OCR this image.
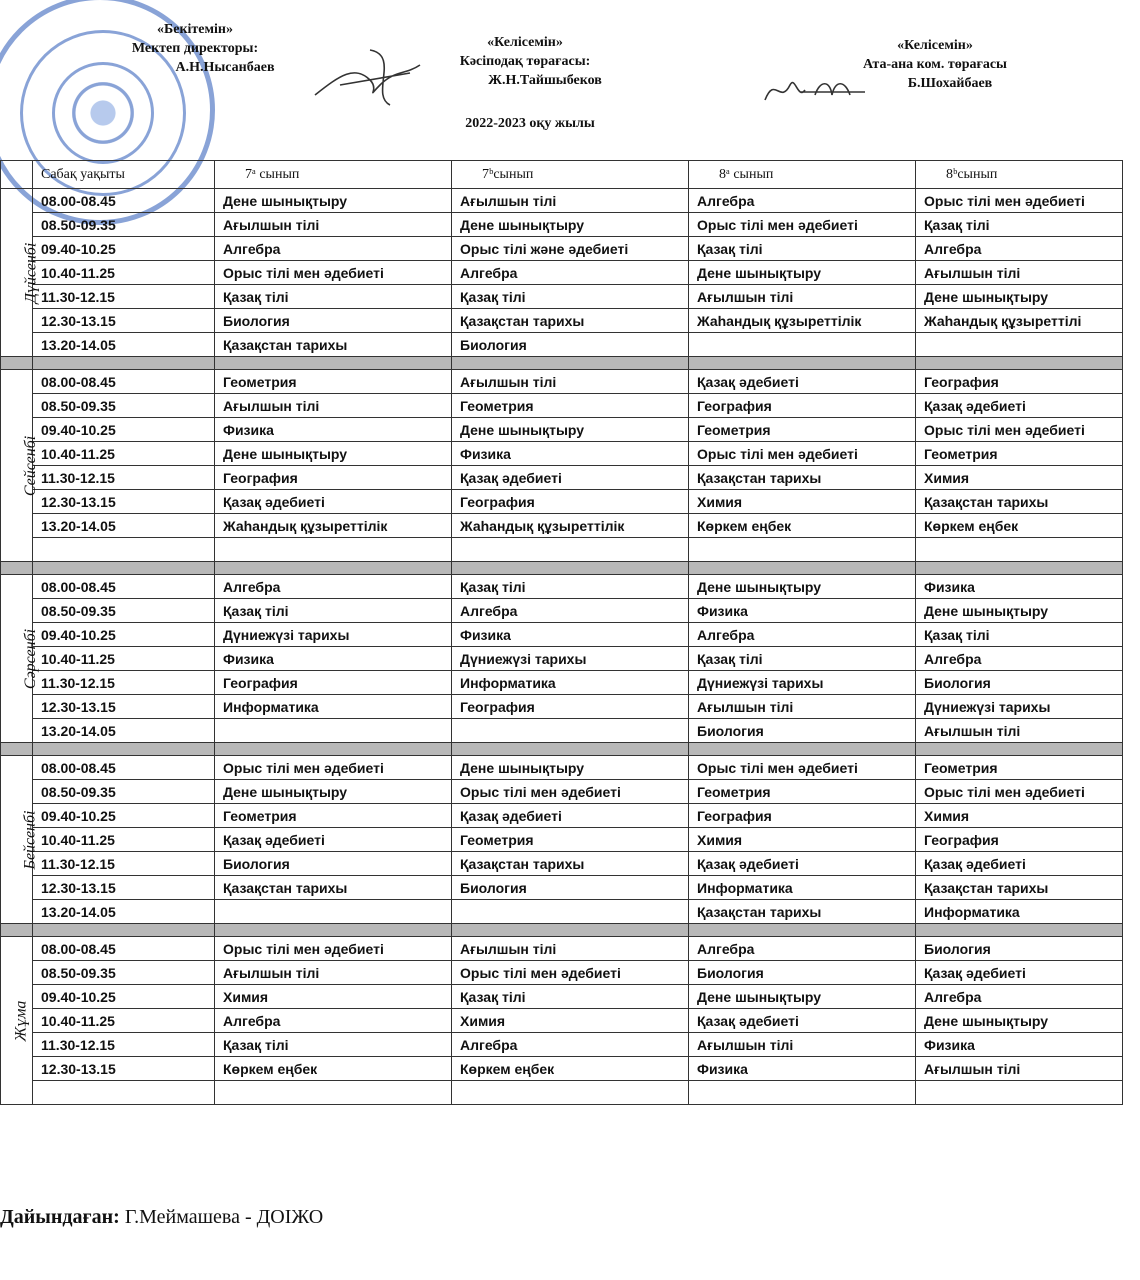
«Бекітемін»
Мектеп директоры:
А.Н.Нысанбаев
«Келісемін»
Кәсіподақ төрағасы:
Ж.Н.Тайшыбеков
«Келісемін»
Ата-ана ком. төрағасы
Б.Шохайбаев
2022-2023 оқу жылы
	Сабақ уақыты	7ᵃ сынып	7ᵇсынып	8ᵃ сынып	8ᵇсынып
Дүйсенбі	08.00-08.45	Дене шынықтыру	Ағылшын тілі	Алгебра	Орыс тілі мен әдебиеті
	08.50-09.35	Ағылшын тілі	Дене шынықтыру	Орыс тілі мен әдебиеті	Қазақ тілі
	09.40-10.25	Алгебра	Орыс тілі және әдебиеті	Қазақ тілі	Алгебра
	10.40-11.25	Орыс тілі мен әдебиеті	Алгебра	Дене шынықтыру	Ағылшын тілі
	11.30-12.15	Қазақ тілі	Қазақ тілі	Ағылшын тілі	Дене шынықтыру
	12.30-13.15	Биология	Қазақстан тарихы	Жаһандық құзыреттілік	Жаһандық құзыреттілі
	13.20-14.05	Қазақстан тарихы	Биология		

Сейсенбі	08.00-08.45	Геометрия	Ағылшын тілі	Қазақ әдебиеті	География
	08.50-09.35	Ағылшын тілі	Геометрия	География	Қазақ әдебиеті
	09.40-10.25	Физика	Дене шынықтыру	Геометрия	Орыс тілі мен әдебиеті
	10.40-11.25	Дене шынықтыру	Физика	Орыс тілі мен әдебиеті	Геометрия
	11.30-12.15	География	Қазақ әдебиеті	Қазақстан тарихы	Химия
	12.30-13.15	Қазақ әдебиеті	География	Химия	Қазақстан тарихы
	13.20-14.05	Жаһандық құзыреттілік	Жаһандық құзыреттілік	Көркем еңбек	Көркем еңбек

Сәрсенбі	08.00-08.45	Алгебра	Қазақ тілі	Дене шынықтыру	Физика
	08.50-09.35	Қазақ тілі	Алгебра	Физика	Дене шынықтыру
	09.40-10.25	Дүниежүзі тарихы	Физика	Алгебра	Қазақ тілі
	10.40-11.25	Физика	Дүниежүзі тарихы	Қазақ тілі	Алгебра
	11.30-12.15	География	Информатика	Дүниежүзі тарихы	Биология
	12.30-13.15	Информатика	География	Ағылшын тілі	Дүниежүзі тарихы
	13.20-14.05			Биология	Ағылшын тілі

Бейсенбі	08.00-08.45	Орыс тілі мен әдебиеті	Дене шынықтыру	Орыс тілі мен әдебиеті	Геометрия
	08.50-09.35	Дене шынықтыру	Орыс тілі мен әдебиеті	Геометрия	Орыс тілі мен әдебиеті
	09.40-10.25	Геометрия	Қазақ әдебиеті	География	Химия
	10.40-11.25	Қазақ әдебиеті	Геометрия	Химия	География
	11.30-12.15	Биология	Қазақстан тарихы	Қазақ әдебиеті	Қазақ әдебиеті
	12.30-13.15	Қазақстан тарихы	Биология	Информатика	Қазақстан тарихы
	13.20-14.05			Қазақстан тарихы	Информатика

Жұма	08.00-08.45	Орыс тілі мен әдебиеті	Ағылшын тілі	Алгебра	Биология
	08.50-09.35	Ағылшын тілі	Орыс тілі мен әдебиеті	Биология	Қазақ әдебиеті
	09.40-10.25	Химия	Қазақ тілі	Дене шынықтыру	Алгебра
	10.40-11.25	Алгебра	Химия	Қазақ әдебиеті	Дене шынықтыру
	11.30-12.15	Қазақ тілі	Алгебра	Ағылшын тілі	Физика
	12.30-13.15	Көркем еңбек	Көркем еңбек	Физика	Ағылшын тілі

Дайындаған: Г.Меймашева - ДОІЖО
